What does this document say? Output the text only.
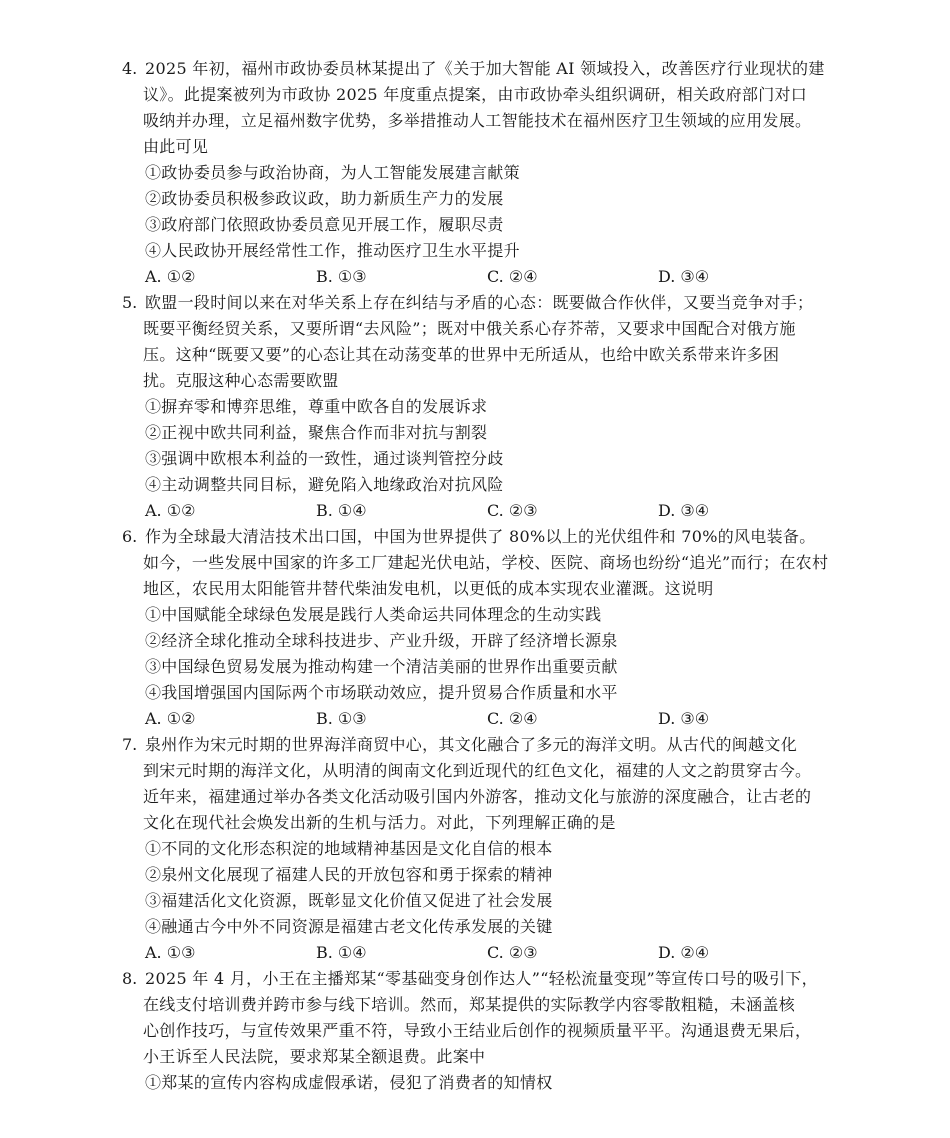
4. 2025 年初，福州市政协委员林某提出了《关于加大智能 AI 领域投入，改善医疗行业现状的建
议》。此提案被列为市政协 2025 年度重点提案，由市政协牵头组织调研，相关政府部门对口
吸纳并办理，立足福州数字优势，多举措推动人工智能技术在福州医疗卫生领域的应用发展。
由此可见
①政协委员参与政治协商，为人工智能发展建言献策
②政协委员积极参政议政，助力新质生产力的发展
③政府部门依照政协委员意见开展工作，履职尽责
④人民政协开展经常性工作，推动医疗卫生水平提升
A. ①②	B. ①③	C. ②④	D. ③④
5. 欧盟一段时间以来在对华关系上存在纠结与矛盾的心态：既要做合作伙伴，又要当竞争对手；
既要平衡经贸关系，又要所谓“去风险”；既对中俄关系心存芥蒂，又要求中国配合对俄方施
压。这种“既要又要”的心态让其在动荡变革的世界中无所适从，也给中欧关系带来许多困
扰。克服这种心态需要欧盟
①摒弃零和博弈思维，尊重中欧各自的发展诉求
②正视中欧共同利益，聚焦合作而非对抗与割裂
③强调中欧根本利益的一致性，通过谈判管控分歧
④主动调整共同目标，避免陷入地缘政治对抗风险
A. ①②	B. ①④	C. ②③	D. ③④
6. 作为全球最大清洁技术出口国，中国为世界提供了 80%以上的光伏组件和 70%的风电装备。
如今，一些发展中国家的许多工厂建起光伏电站，学校、医院、商场也纷纷“追光”而行；在农村
地区，农民用太阳能管井替代柴油发电机，以更低的成本实现农业灌溉。这说明
①中国赋能全球绿色发展是践行人类命运共同体理念的生动实践
②经济全球化推动全球科技进步、产业升级，开辟了经济增长源泉
③中国绿色贸易发展为推动构建一个清洁美丽的世界作出重要贡献
④我国增强国内国际两个市场联动效应，提升贸易合作质量和水平
A. ①②	B. ①③	C. ②④	D. ③④
7. 泉州作为宋元时期的世界海洋商贸中心，其文化融合了多元的海洋文明。从古代的闽越文化
到宋元时期的海洋文化，从明清的闽南文化到近现代的红色文化，福建的人文之韵贯穿古今。
近年来，福建通过举办各类文化活动吸引国内外游客，推动文化与旅游的深度融合，让古老的
文化在现代社会焕发出新的生机与活力。对此，下列理解正确的是
①不同的文化形态积淀的地域精神基因是文化自信的根本
②泉州文化展现了福建人民的开放包容和勇于探索的精神
③福建活化文化资源，既彰显文化价值又促进了社会发展
④融通古今中外不同资源是福建古老文化传承发展的关键
A. ①③	B. ①④	C. ②③	D. ②④
8. 2025 年 4 月，小王在主播郑某“零基础变身创作达人”“轻松流量变现”等宣传口号的吸引下，
在线支付培训费并跨市参与线下培训。然而，郑某提供的实际教学内容零散粗糙，未涵盖核
心创作技巧，与宣传效果严重不符，导致小王结业后创作的视频质量平平。沟通退费无果后，
小王诉至人民法院，要求郑某全额退费。此案中
①郑某的宣传内容构成虚假承诺，侵犯了消费者的知情权
